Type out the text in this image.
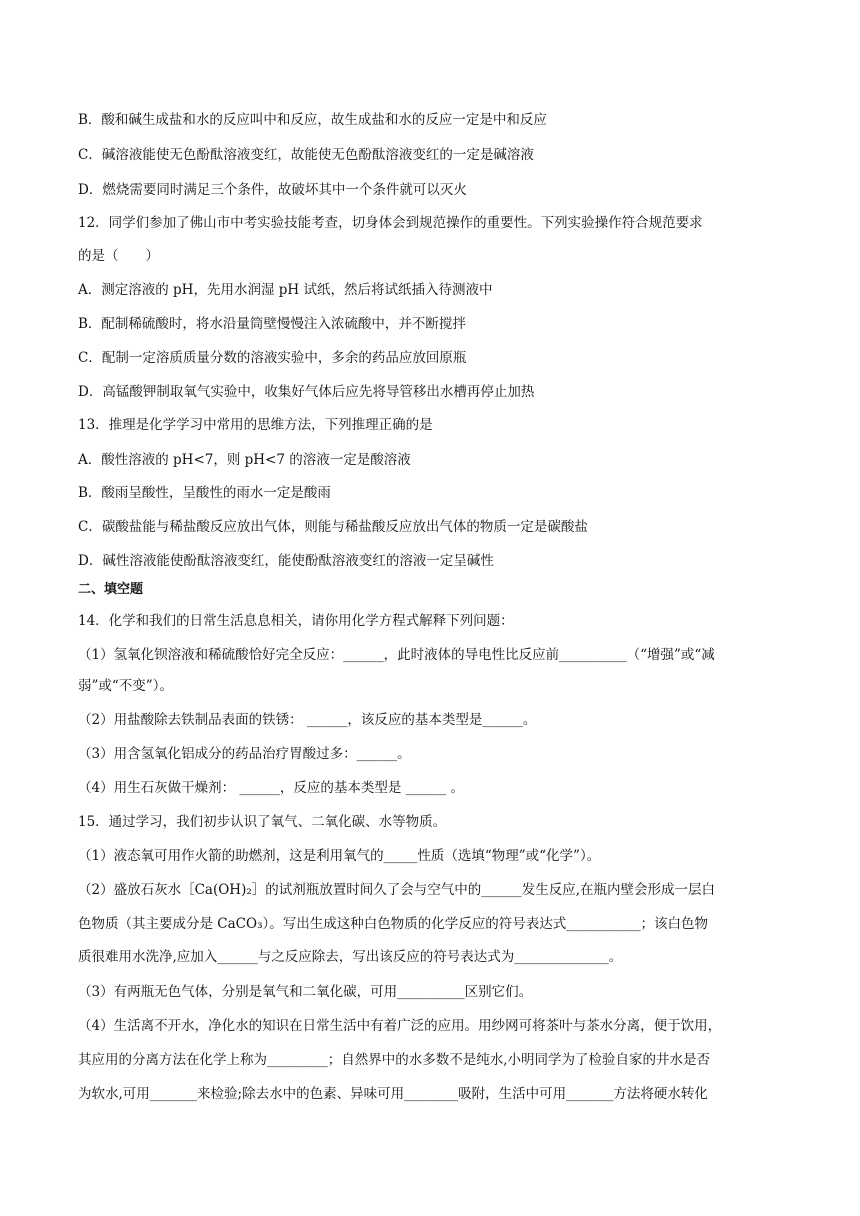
B．酸和碱生成盐和水的反应叫中和反应，故生成盐和水的反应一定是中和反应
C．碱溶液能使无色酚酞溶液变红，故能使无色酚酞溶液变红的一定是碱溶液
D．燃烧需要同时满足三个条件，故破坏其中一个条件就可以灭火
12．同学们参加了佛山市中考实验技能考查，切身体会到规范操作的重要性。下列实验操作符合规范要求
的是（　　）
A．测定溶液的 pH，先用水润湿 pH 试纸，然后将试纸插入待测液中
B．配制稀硫酸时，将水沿量筒壁慢慢注入浓硫酸中，并不断搅拌
C．配制一定溶质质量分数的溶液实验中，多余的药品应放回原瓶
D．高锰酸钾制取氧气实验中，收集好气体后应先将导管移出水槽再停止加热
13．推理是化学学习中常用的思维方法，下列推理正确的是
A．酸性溶液的 pH<7，则 pH<7 的溶液一定是酸溶液
B．酸雨呈酸性，呈酸性的雨水一定是酸雨
C．碳酸盐能与稀盐酸反应放出气体，则能与稀盐酸反应放出气体的物质一定是碳酸盐
D．碱性溶液能使酚酞溶液变红，能使酚酞溶液变红的溶液一定呈碱性
二、填空题
14．化学和我们的日常生活息息相关，请你用化学方程式解释下列问题：
（1）氢氧化钡溶液和稀硫酸恰好完全反应：______，此时液体的导电性比反应前__________（“增强”或“减
弱”或“不变”）。
（2）用盐酸除去铁制品表面的铁锈： ______，该反应的基本类型是______。
（3）用含氢氧化铝成分的药品治疗胃酸过多：______。
（4）用生石灰做干燥剂： ______，反应的基本类型是 ______ 。
15．通过学习，我们初步认识了氧气、二氧化碳、水等物质。
（1）液态氧可用作火箭的助燃剂，这是利用氧气的_____性质（选填“物理”或“化学”）。
（2）盛放石灰水［Ca(OH)₂］的试剂瓶放置时间久了会与空气中的______发生反应,在瓶内壁会形成一层白
色物质（其主要成分是 CaCO₃）。写出生成这种白色物质的化学反应的符号表达式___________；该白色物
质很难用水洗净,应加入______与之反应除去，写出该反应的符号表达式为______________。
（3）有两瓶无色气体，分别是氧气和二氧化碳，可用__________区别它们。
（4）生活离不开水，净化水的知识在日常生活中有着广泛的应用。用纱网可将茶叶与茶水分离，便于饮用，
其应用的分离方法在化学上称为_________；自然界中的水多数不是纯水,小明同学为了检验自家的井水是否
为软水,可用_______来检验;除去水中的色素、异味可用________吸附，生活中可用_______方法将硬水转化
